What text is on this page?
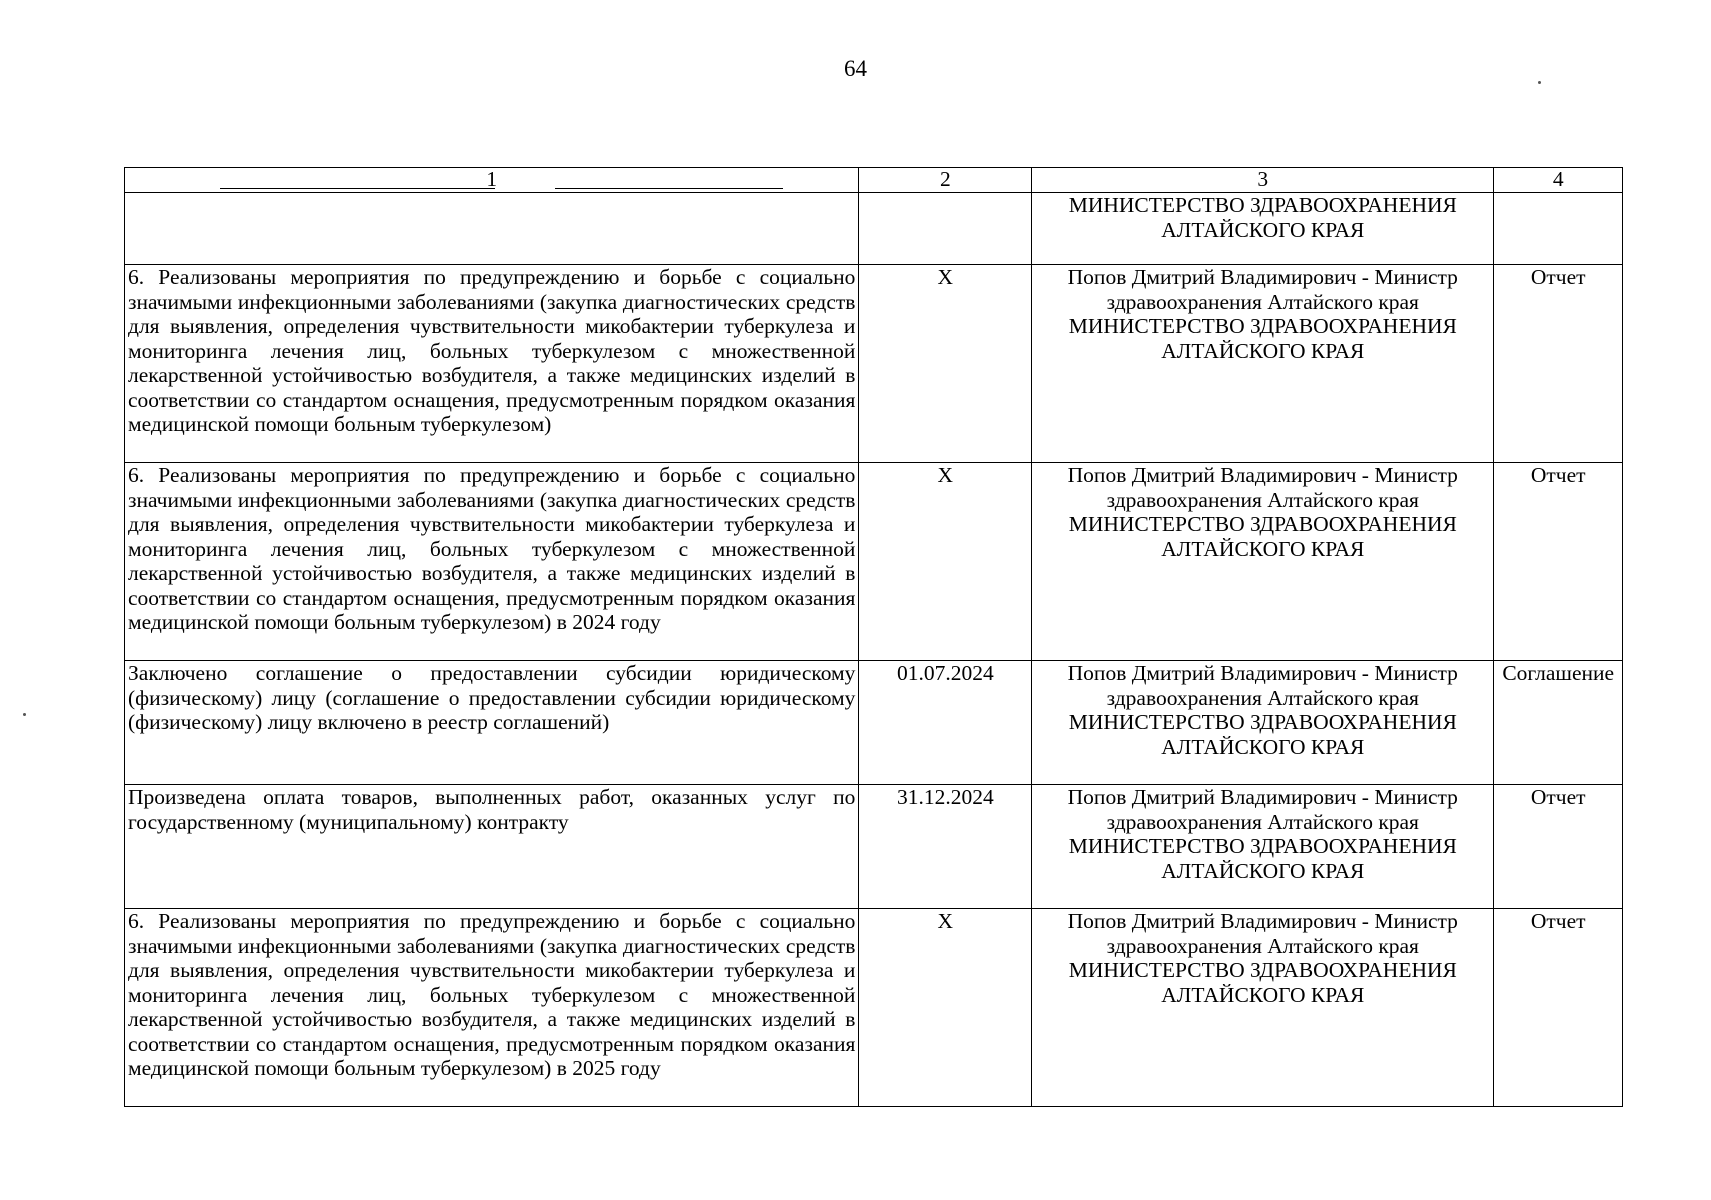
64
1	2	3	4

		МИНИСТЕРСТВО ЗДРАВООХРАНЕНИЯ АЛТАЙСКОГО КРАЯ	

6. Реализованы мероприятия по предупреждению и борьбе с социально значимыми инфекционными заболеваниями (закупка диагностических средств для выявления, определения чувствительности микобактерии туберкулеза и мониторинга лечения лиц, больных туберкулезом с множественной лекарственной устойчивостью возбудителя, а также медицинских изделий в соответствии со стандартом оснащения, предусмотренным порядком оказания медицинской помощи больным туберкулезом)	X	Попов Дмитрий Владимирович - Министр здравоохранения Алтайского края
МИНИСТЕРСТВО ЗДРАВООХРАНЕНИЯ АЛТАЙСКОГО КРАЯ	Отчет
6. Реализованы мероприятия по предупреждению и борьбе с социально значимыми инфекционными заболеваниями (закупка диагностических средств для выявления, определения чувствительности микобактерии туберкулеза и мониторинга лечения лиц, больных туберкулезом с множественной лекарственной устойчивостью возбудителя, а также медицинских изделий в соответствии со стандартом оснащения, предусмотренным порядком оказания медицинской помощи больным туберкулезом) в 2024 году	X	Попов Дмитрий Владимирович - Министр здравоохранения Алтайского края
МИНИСТЕРСТВО ЗДРАВООХРАНЕНИЯ АЛТАЙСКОГО КРАЯ	Отчет
Заключено соглашение о предоставлении субсидии юридическому (физическому) лицу (соглашение о предоставлении субсидии юридическому (физическому) лицу включено в реестр соглашений)	01.07.2024	Попов Дмитрий Владимирович - Министр здравоохранения Алтайского края
МИНИСТЕРСТВО ЗДРАВООХРАНЕНИЯ АЛТАЙСКОГО КРАЯ	Соглашение
Произведена оплата товаров, выполненных работ, оказанных услуг по государственному (муниципальному) контракту	31.12.2024	Попов Дмитрий Владимирович - Министр здравоохранения Алтайского края
МИНИСТЕРСТВО ЗДРАВООХРАНЕНИЯ АЛТАЙСКОГО КРАЯ	Отчет
6. Реализованы мероприятия по предупреждению и борьбе с социально значимыми инфекционными заболеваниями (закупка диагностических средств для выявления, определения чувствительности микобактерии туберкулеза и мониторинга лечения лиц, больных туберкулезом с множественной лекарственной устойчивостью возбудителя, а также медицинских изделий в соответствии со стандартом оснащения, предусмотренным порядком оказания медицинской помощи больным туберкулезом) в 2025 году	X	Попов Дмитрий Владимирович - Министр здравоохранения Алтайского края
МИНИСТЕРСТВО ЗДРАВООХРАНЕНИЯ АЛТАЙСКОГО КРАЯ	Отчет
